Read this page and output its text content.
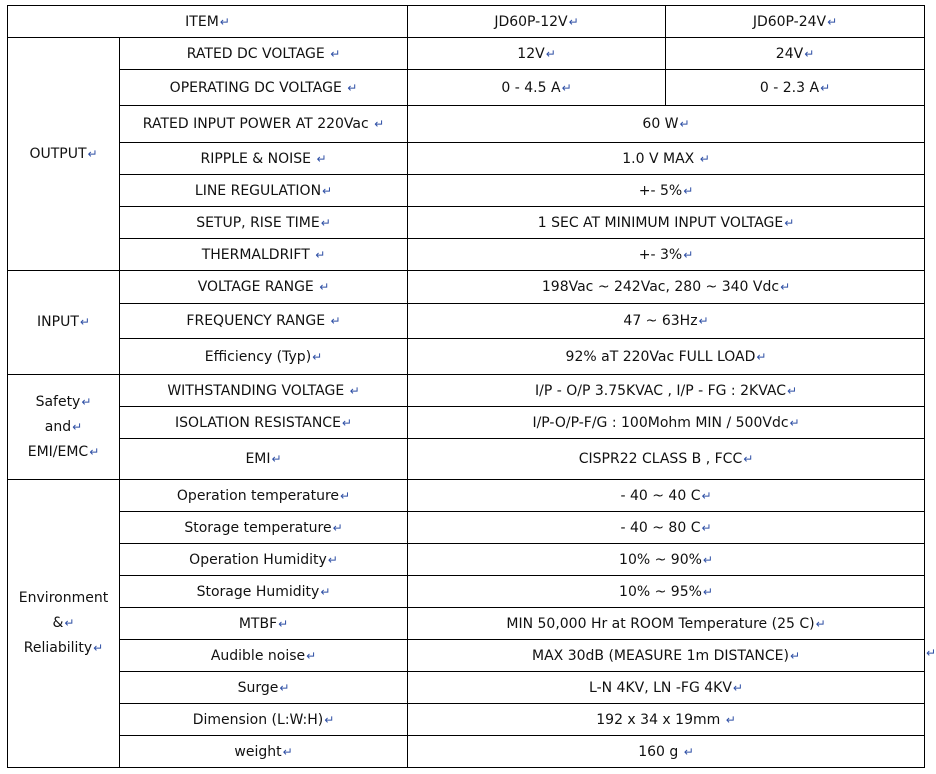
ITEM↵		JD60P-12V↵	JD60P-24V↵
OUTPUT↵	RATED DC VOLTAGE ↵	12V↵	24V↵
	OPERATING DC VOLTAGE ↵	0 - 4.5 A↵	0 - 2.3 A↵
	RATED INPUT POWER AT 220Vac ↵	60 W↵	
	RIPPLE & NOISE ↵	1.0 V MAX ↵	
	LINE REGULATION↵	+- 5%↵	
	SETUP, RISE TIME↵	1 SEC AT MINIMUM INPUT VOLTAGE↵	
	THERMALDRIFT ↵	+- 3%↵	
INPUT↵	VOLTAGE RANGE ↵	198Vac ~ 242Vac, 280 ~ 340 Vdc↵	
	FREQUENCY RANGE ↵	47 ~ 63Hz↵	
	Efficiency (Typ)↵	92% aT 220Vac FULL LOAD↵	

Safety↵
and↵
EMI/EMC↵	WITHSTANDING VOLTAGE ↵	I/P - O/P 3.75KVAC , I/P - FG : 2KVAC↵	
	ISOLATION RESISTANCE↵	I/P-O/P-F/G : 100Mohm MIN / 500Vdc↵	
	EMI↵	CISPR22 CLASS B , FCC↵	

Environment
&↵
Reliability↵	Operation temperature↵	- 40 ~ 40 C↵	
	Storage temperature↵	- 40 ~ 80 C↵	
	Operation Humidity↵	10% ~ 90%↵	
	Storage Humidity↵	10% ~ 95%↵	
	MTBF↵	MIN 50,000 Hr at ROOM Temperature (25 C)↵	
	Audible noise↵	MAX 30dB (MEASURE 1m DISTANCE)↵	
	Surge↵	L-N 4KV, LN -FG 4KV↵	
	Dimension (L:W:H)↵	192 x 34 x 19mm ↵	
	weight↵	160 g ↵	
↵
